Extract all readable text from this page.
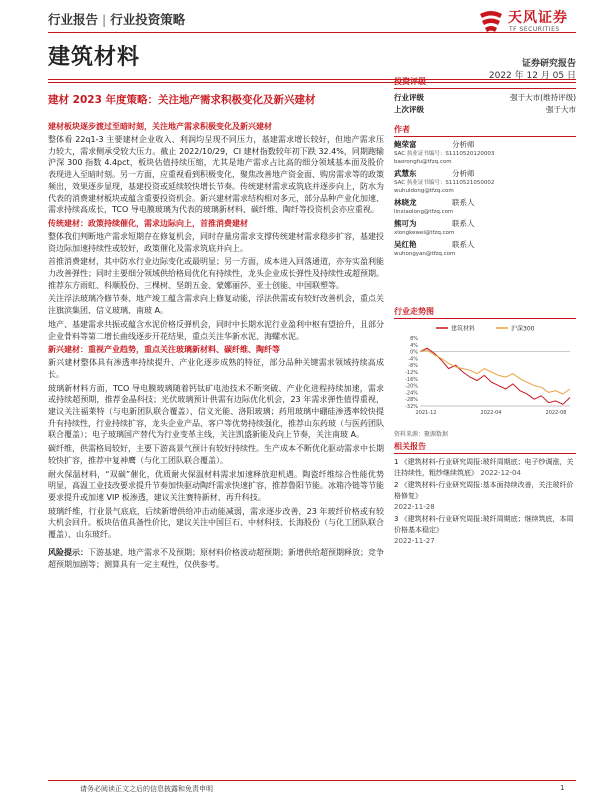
行业报告 | 行业投资策略	天风证券
TF SECURITIES
建筑材料	证券研究报告
2022 年 12 月 05 日
建材 2023 年度策略：关注地产需求积极变化及新兴建材
建材板块逐步渡过至暗时刻，关注地产需求积极变化及新兴建材

整体看 22q1-3 主要建材企业收入、利润均呈现不同压力，基建需求增长较好，但地产需求压力较大，需求侧承受较大压力。截止 2022/10/29，CI 建材指数较年初下跌 32.4%，同期跑输沪深 300 指数 4.4pct，板块估值持续压缩，尤其是地产需求占比高的细分领域基本面及股价表现进入至暗时刻。另一方面，应重视看到积极变化，聚焦改善地产资金面、购房需求等的政策频出，效果逐步显现，基建投资或延续较快增长节奏。传统建材需求或筑底并逐步向上，防水为代表的消费建材板块或蕴含重要投资机会。新兴建材需求结构相对多元，部分品种产业化加速、需求持续高成长，TCO 导电膜玻璃为代表的玻璃新材料、碳纤维、陶纤等投资机会亦应重视。

传统建材：政策持续催化，需求边际向上，首推消费建材

整体我们判断地产需求短期存在修复机会，同时存量房需求支撑传统建材需求稳步扩容，基建投资边际加速持续性或较好，政策催化及需求筑底并向上。

首推消费建材，其中防水行业边际变化或最明显；另一方面，成本进入回落通道，亦夯实盈利能力改善弹性；同时主要细分领域供给格局优化有持续性，龙头企业成长弹性及持续性或超预期。推荐东方雨虹、科顺股份、三棵树、坚朗五金、蒙娜丽莎、亚士创能、中国联塑等。

关注浮法玻璃冷修节奏、地产竣工蕴含需求向上修复动能，浮法供需或有较好改善机会，重点关注旗滨集团、信义玻璃、南玻 A。

地产、基建需求共振或蕴含水泥价格反弹机会，同时中长期水泥行业盈利中枢有望抬升，且部分企业骨料等第二增长曲线逐步开花结果，重点关注华新水泥、海螺水泥。

新兴建材：重视产业趋势，重点关注玻璃新材料、碳纤维、陶纤等

新兴建材整体具有渗透率持续提升、产业化逐步成熟的特征，部分品种关键需求领域持续高成长。

玻璃新材料方面，TCO 导电膜玻璃随着钙钛矿电池技术不断突破、产业化进程持续加速，需求或持续超预期，推荐金晶科技；光伏玻璃预计供需有边际优化机会，23 年需求弹性值得重视，建议关注福莱特（与电新团队联合覆盖）、信义光能、洛阳玻璃；药用玻璃中硼硅渗透率较快提升有持续性，行业持续扩容，龙头企业产品、客户等优势持续强化，推荐山东药玻（与医药团队联合覆盖）；电子玻璃国产替代为行业变革主线，关注凯盛新能及向上节奏，关注南玻 A。

碳纤维，供需格局较好，主要下游高景气预计有较好持续性。生产成本不断优化驱动需求中长期较快扩容，推荐中复神鹰（与化工团队联合覆盖）。

耐火保温材料，“双碳”催化，优质耐火保温材料需求加速释放迎机遇。陶瓷纤维综合性能优势明显，高温工业技改要求提升节奏加快驱动陶纤需求快速扩容，推荐鲁阳节能。冰箱冷链等节能要求提升或加速 VIP 板渗透，建议关注赛特新材、再升科技。

玻璃纤维，行业景气底底，后续新增供给冲击动能减弱，需求逐步改善，23 年玻纤价格或有较大机会回升。板块估值具备性价比，建议关注中国巨石、中材科技、长海股份（与化工团队联合覆盖）、山东玻纤。

风险提示：下游基建、地产需求不及预期；原材料价格波动超预期；新增供给超预期释放；竞争超预期加剧等；测算具有一定主观性，仅供参考。

投资评级
行业评级	强于大市(维持评级)
上次评级	强于大市
作者
鲍荣富	分析师
SAC 执业证书编号：S1110520120003
baorongfu@tfzq.com
武慧东	分析师
SAC 执业证书编号：S1110521050002
wuhuidong@tfzq.com
林晓龙	联系人
linxiaolong@tfzq.com
熊可为	联系人
xiongkewei@tfzq.com
吴红艳	联系人
wuhongyan@tfzq.com
行业走势图
建筑材料	沪深300
8%
4%
0%
-4%
-8%
-12%
-16%
-20%
-24%
-28%
-32%
2021-12	2022-04	2022-08
资料来源：聚源数据
相关报告
1 《建筑材料-行业研究周报:玻纤周期底；电子纱调涨，关注持续性，粗纱继续筑底》 2022-12-04
2 《建筑材料-行业研究周报:基本面持续改善，关注玻纤价格修复》
2022-11-28
3 《建筑材料-行业研究周报:玻纤周期底；继续筑底，本周价格基本稳定》
2022-11-27
请务必阅读正文之后的信息披露和免责申明	1
